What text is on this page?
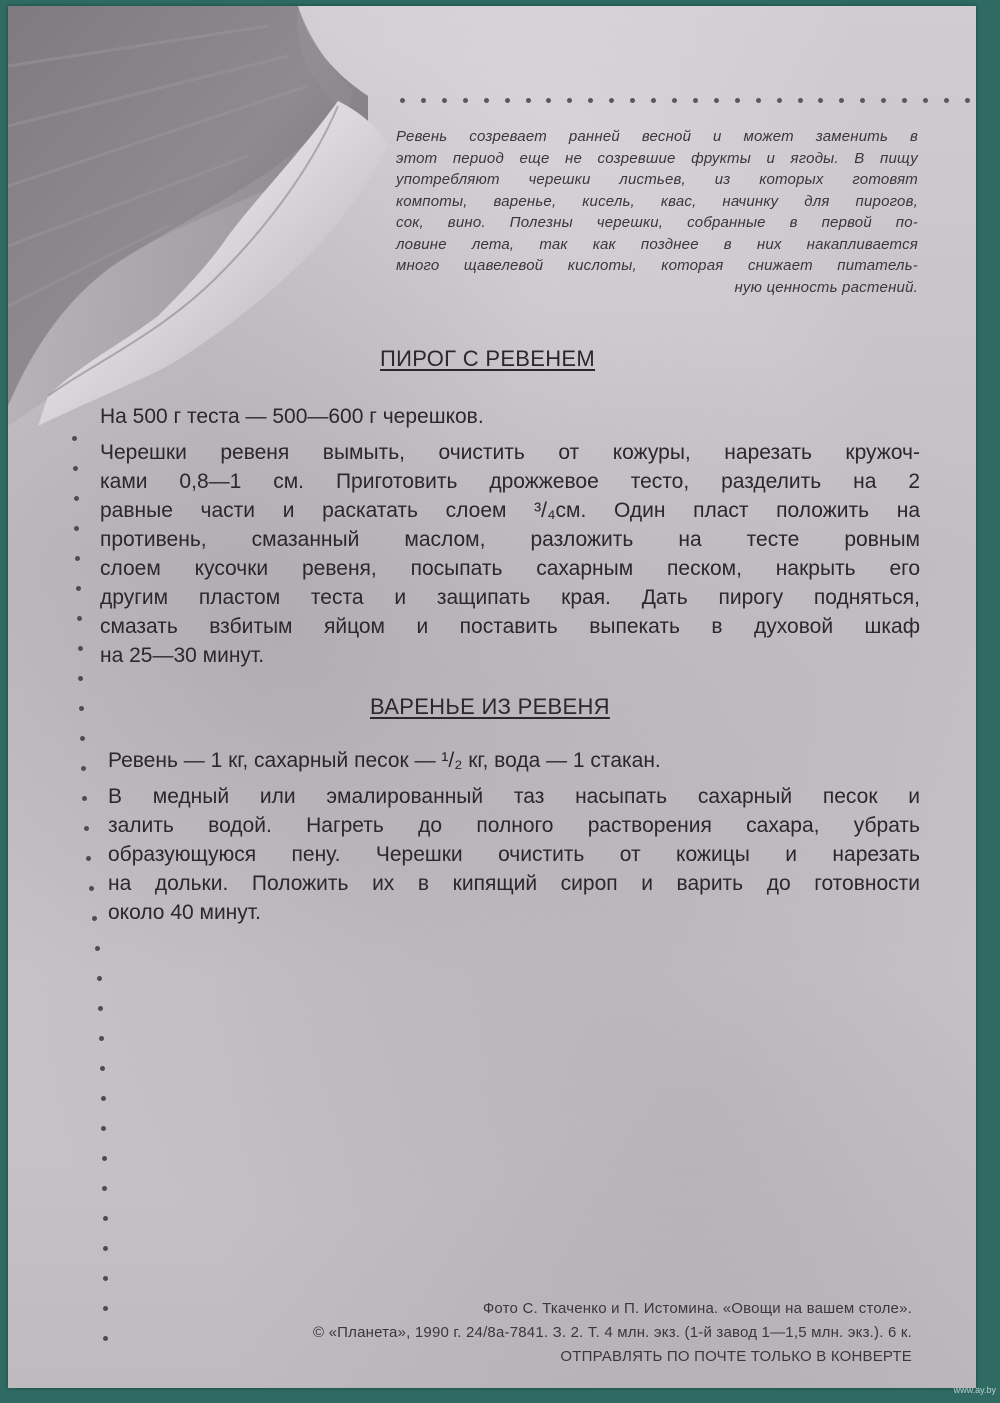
Ревень созревает ранней весной и может заменить в
этот период еще не созревшие фрукты и ягоды. В пищу
употребляют черешки листьев, из которых готовят
компоты, варенье, кисель, квас, начинку для пирогов,
сок, вино. Полезны черешки, собранные в первой по-
ловине лета, так как позднее в них накапливается
много щавелевой кислоты, которая снижает питатель-
ную ценность растений.
ПИРОГ С РЕВЕНЕМ
На 500 г теста — 500—600 г черешков.
Черешки ревеня вымыть, очистить от кожуры, нарезать кружоч-
ками 0,8—1 см. Приготовить дрожжевое тесто, разделить на 2
равные части и раскатать слоем ³/₄см. Один пласт положить на
противень, смазанный маслом, разложить на тесте ровным
слоем кусочки ревеня, посыпать сахарным песком, накрыть его
другим пластом теста и защипать края. Дать пирогу подняться,
смазать взбитым яйцом и поставить выпекать в духовой шкаф
на 25—30 минут.
ВАРЕНЬЕ ИЗ РЕВЕНЯ
Ревень — 1 кг, сахарный песок — ¹/₂ кг, вода — 1 стакан.
В медный или эмалированный таз насыпать сахарный песок и
залить водой. Нагреть до полного растворения сахара, убрать
образующуюся пену. Черешки очистить от кожицы и нарезать
на дольки. Положить их в кипящий сироп и варить до готовности
около 40 минут.
Фото С. Ткаченко и П. Истомина. «Овощи на вашем столе».
© «Планета», 1990 г. 24/8а-7841. З. 2. Т. 4 млн. экз. (1-й завод 1—1,5 млн. экз.). 6 к.
ОТПРАВЛЯТЬ ПО ПОЧТЕ ТОЛЬКО В КОНВЕРТЕ
www.ay.by
